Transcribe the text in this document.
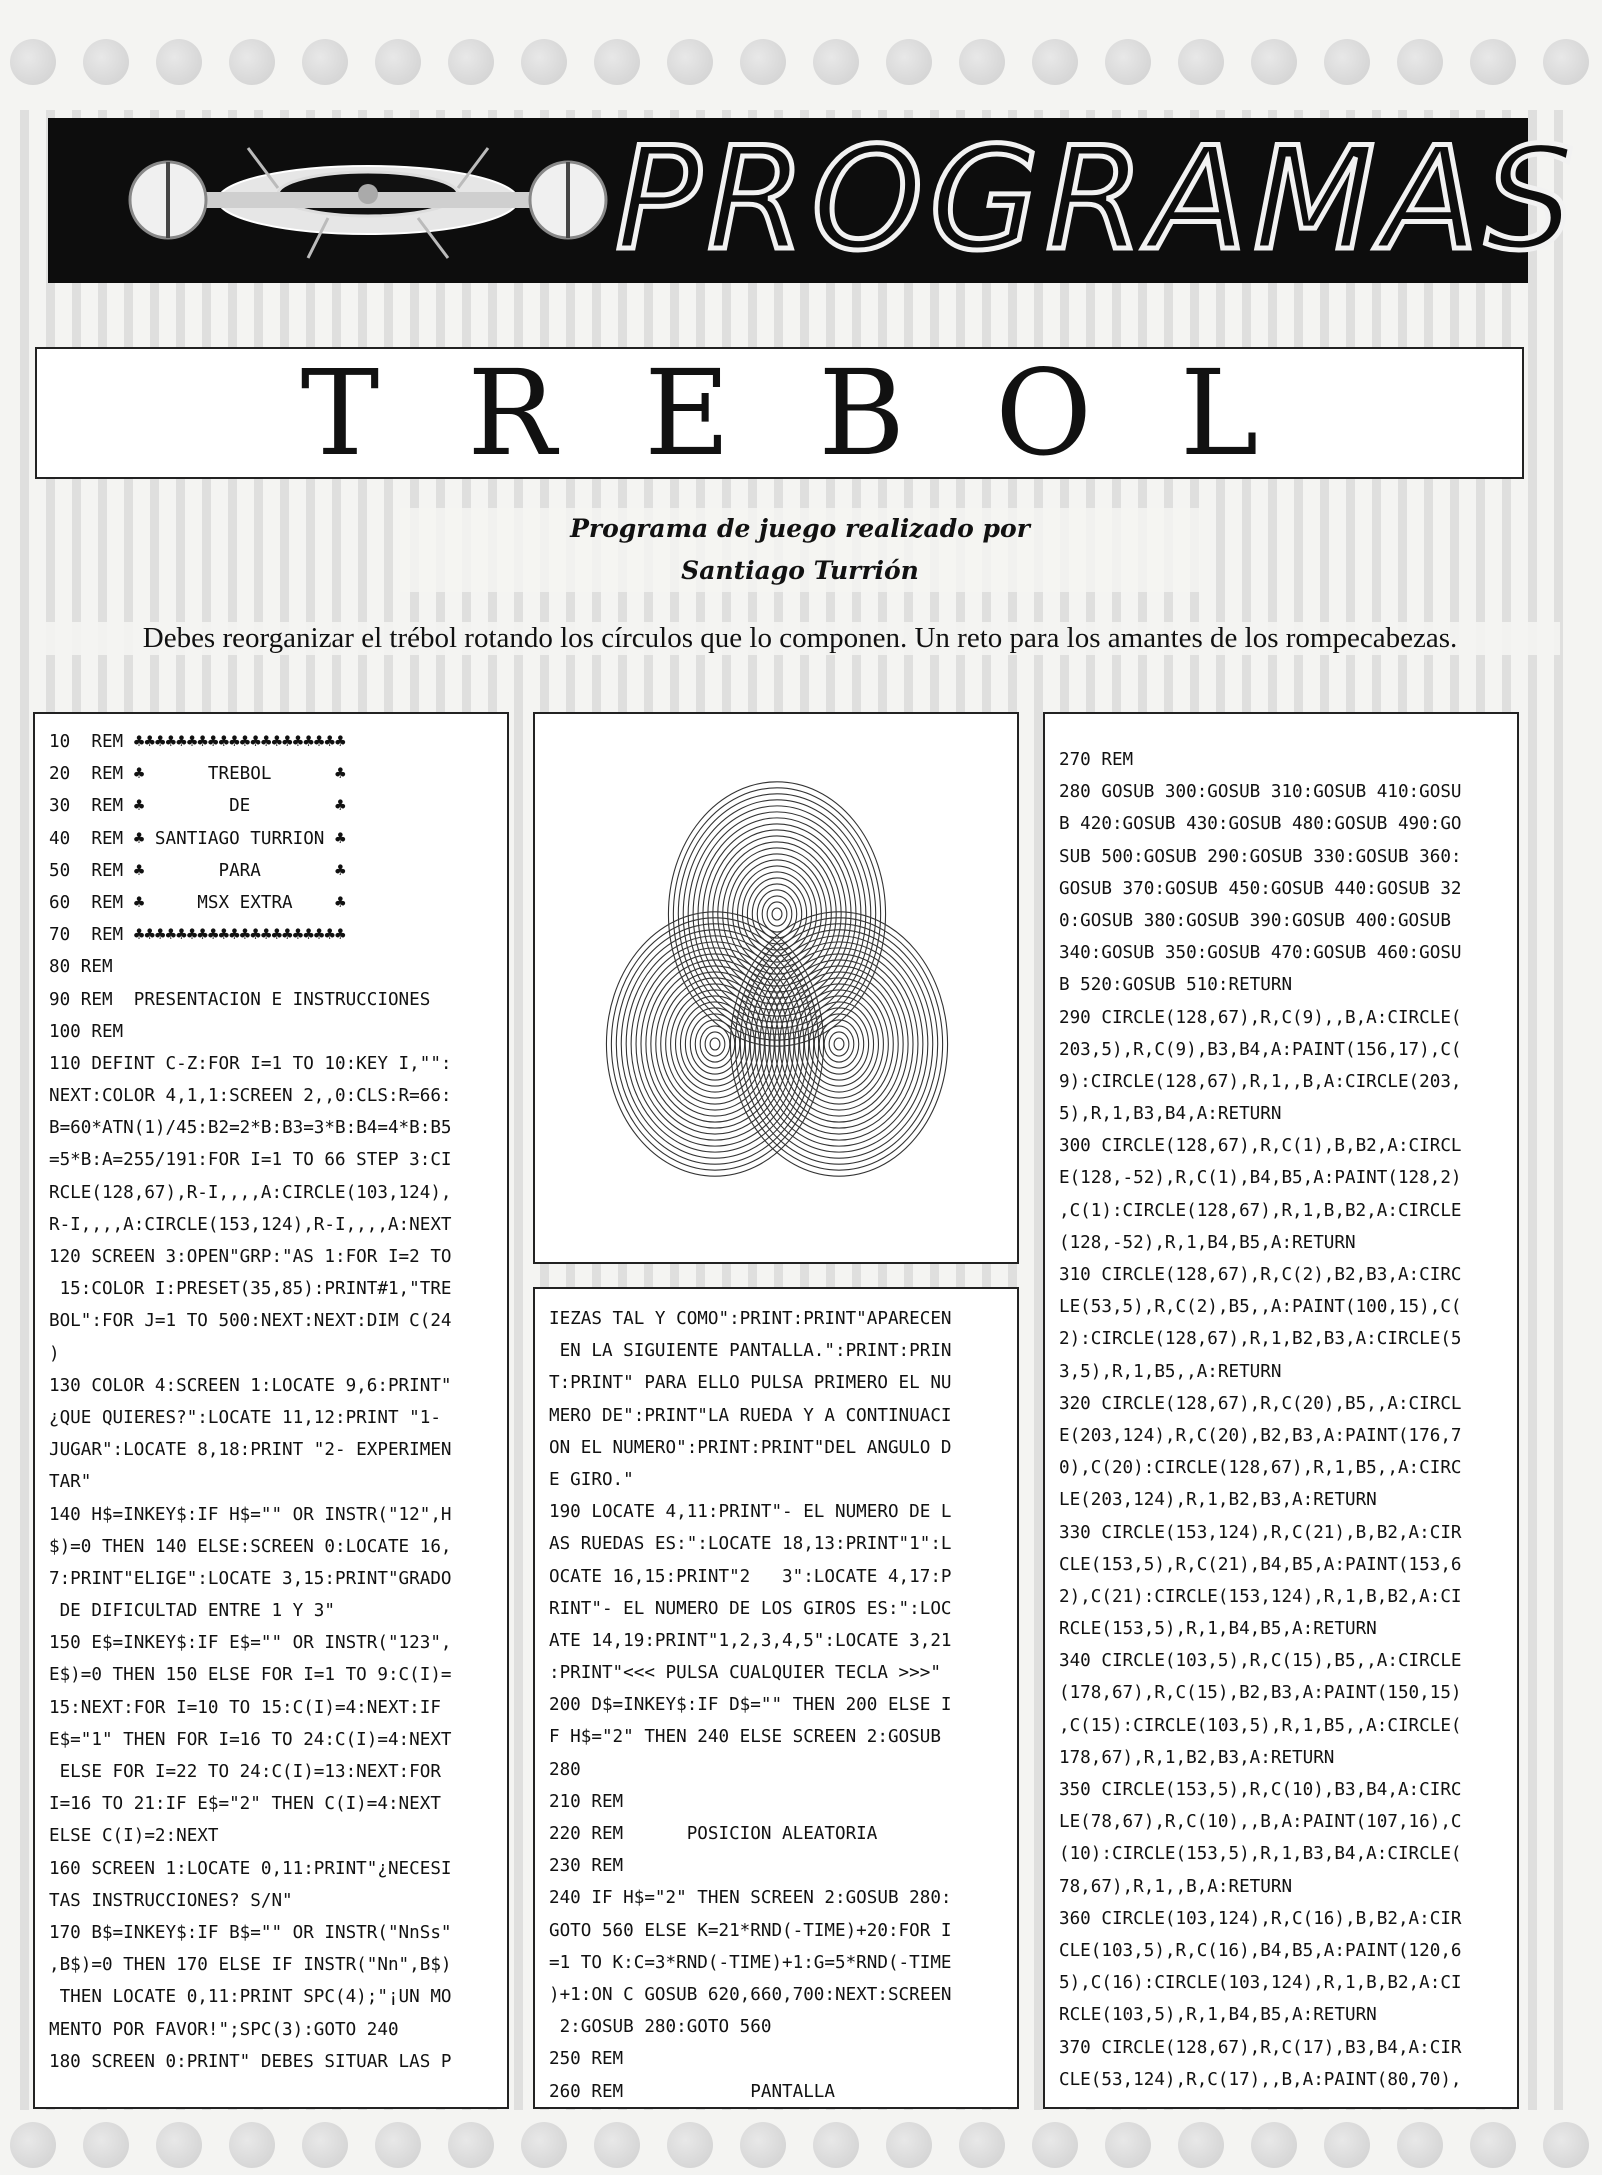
PROGRAMAS
TREBOL
Programa de juego realizado por
Santiago Turrión
Debes reorganizar el trébol rotando los círculos que lo componen. Un reto para los amantes de los rompecabezas.
10  REM ♣♣♣♣♣♣♣♣♣♣♣♣♣♣♣♣♣♣♣♣
20  REM ♣      TREBOL      ♣
30  REM ♣        DE        ♣
40  REM ♣ SANTIAGO TURRION ♣
50  REM ♣       PARA       ♣
60  REM ♣     MSX EXTRA    ♣
70  REM ♣♣♣♣♣♣♣♣♣♣♣♣♣♣♣♣♣♣♣♣
80 REM
90 REM  PRESENTACION E INSTRUCCIONES
100 REM
110 DEFINT C-Z:FOR I=1 TO 10:KEY I,"":
NEXT:COLOR 4,1,1:SCREEN 2,,0:CLS:R=66:
B=60*ATN(1)/45:B2=2*B:B3=3*B:B4=4*B:B5
=5*B:A=255/191:FOR I=1 TO 66 STEP 3:CI
RCLE(128,67),R-I,,,,A:CIRCLE(103,124),
R-I,,,,A:CIRCLE(153,124),R-I,,,,A:NEXT
120 SCREEN 3:OPEN"GRP:"AS 1:FOR I=2 TO
15:COLOR I:PRESET(35,85):PRINT#1,"TRE
BOL":FOR J=1 TO 500:NEXT:NEXT:DIM C(24
)
130 COLOR 4:SCREEN 1:LOCATE 9,6:PRINT"
¿QUE QUIERES?":LOCATE 11,12:PRINT "1-
JUGAR":LOCATE 8,18:PRINT "2- EXPERIMEN
TAR"
140 H$=INKEY$:IF H$="" OR INSTR("12",H
$)=0 THEN 140 ELSE:SCREEN 0:LOCATE 16,
7:PRINT"ELIGE":LOCATE 3,15:PRINT"GRADO
DE DIFICULTAD ENTRE 1 Y 3"
150 E$=INKEY$:IF E$="" OR INSTR("123",
E$)=0 THEN 150 ELSE FOR I=1 TO 9:C(I)=
15:NEXT:FOR I=10 TO 15:C(I)=4:NEXT:IF
E$="1" THEN FOR I=16 TO 24:C(I)=4:NEXT
ELSE FOR I=22 TO 24:C(I)=13:NEXT:FOR
I=16 TO 21:IF E$="2" THEN C(I)=4:NEXT
ELSE C(I)=2:NEXT
160 SCREEN 1:LOCATE 0,11:PRINT"¿NECESI
TAS INSTRUCCIONES? S/N"
170 B$=INKEY$:IF B$="" OR INSTR("NnSs"
,B$)=0 THEN 170 ELSE IF INSTR("Nn",B$)
THEN LOCATE 0,11:PRINT SPC(4);"¡UN MO
MENTO POR FAVOR!";SPC(3):GOTO 240
180 SCREEN 0:PRINT" DEBES SITUAR LAS P
IEZAS TAL Y COMO":PRINT:PRINT"APARECEN
EN LA SIGUIENTE PANTALLA.":PRINT:PRIN
T:PRINT" PARA ELLO PULSA PRIMERO EL NU
MERO DE":PRINT"LA RUEDA Y A CONTINUACI
ON EL NUMERO":PRINT:PRINT"DEL ANGULO D
E GIRO."
190 LOCATE 4,11:PRINT"- EL NUMERO DE L
AS RUEDAS ES:":LOCATE 18,13:PRINT"1":L
OCATE 16,15:PRINT"2   3":LOCATE 4,17:P
RINT"- EL NUMERO DE LOS GIROS ES:":LOC
ATE 14,19:PRINT"1,2,3,4,5":LOCATE 3,21
:PRINT"<<< PULSA CUALQUIER TECLA >>>"
200 D$=INKEY$:IF D$="" THEN 200 ELSE I
F H$="2" THEN 240 ELSE SCREEN 2:GOSUB
280
210 REM
220 REM      POSICION ALEATORIA
230 REM
240 IF H$="2" THEN SCREEN 2:GOSUB 280:
GOTO 560 ELSE K=21*RND(-TIME)+20:FOR I
=1 TO K:C=3*RND(-TIME)+1:G=5*RND(-TIME
)+1:ON C GOSUB 620,660,700:NEXT:SCREEN
2:GOSUB 280:GOTO 560
250 REM
260 REM            PANTALLA
270 REM
280 GOSUB 300:GOSUB 310:GOSUB 410:GOSU
B 420:GOSUB 430:GOSUB 480:GOSUB 490:GO
SUB 500:GOSUB 290:GOSUB 330:GOSUB 360:
GOSUB 370:GOSUB 450:GOSUB 440:GOSUB 32
0:GOSUB 380:GOSUB 390:GOSUB 400:GOSUB
340:GOSUB 350:GOSUB 470:GOSUB 460:GOSU
B 520:GOSUB 510:RETURN
290 CIRCLE(128,67),R,C(9),,B,A:CIRCLE(
203,5),R,C(9),B3,B4,A:PAINT(156,17),C(
9):CIRCLE(128,67),R,1,,B,A:CIRCLE(203,
5),R,1,B3,B4,A:RETURN
300 CIRCLE(128,67),R,C(1),B,B2,A:CIRCL
E(128,-52),R,C(1),B4,B5,A:PAINT(128,2)
,C(1):CIRCLE(128,67),R,1,B,B2,A:CIRCLE
(128,-52),R,1,B4,B5,A:RETURN
310 CIRCLE(128,67),R,C(2),B2,B3,A:CIRC
LE(53,5),R,C(2),B5,,A:PAINT(100,15),C(
2):CIRCLE(128,67),R,1,B2,B3,A:CIRCLE(5
3,5),R,1,B5,,A:RETURN
320 CIRCLE(128,67),R,C(20),B5,,A:CIRCL
E(203,124),R,C(20),B2,B3,A:PAINT(176,7
0),C(20):CIRCLE(128,67),R,1,B5,,A:CIRC
LE(203,124),R,1,B2,B3,A:RETURN
330 CIRCLE(153,124),R,C(21),B,B2,A:CIR
CLE(153,5),R,C(21),B4,B5,A:PAINT(153,6
2),C(21):CIRCLE(153,124),R,1,B,B2,A:CI
RCLE(153,5),R,1,B4,B5,A:RETURN
340 CIRCLE(103,5),R,C(15),B5,,A:CIRCLE
(178,67),R,C(15),B2,B3,A:PAINT(150,15)
,C(15):CIRCLE(103,5),R,1,B5,,A:CIRCLE(
178,67),R,1,B2,B3,A:RETURN
350 CIRCLE(153,5),R,C(10),B3,B4,A:CIRC
LE(78,67),R,C(10),,B,A:PAINT(107,16),C
(10):CIRCLE(153,5),R,1,B3,B4,A:CIRCLE(
78,67),R,1,,B,A:RETURN
360 CIRCLE(103,124),R,C(16),B,B2,A:CIR
CLE(103,5),R,C(16),B4,B5,A:PAINT(120,6
5),C(16):CIRCLE(103,124),R,1,B,B2,A:CI
RCLE(103,5),R,1,B4,B5,A:RETURN
370 CIRCLE(128,67),R,C(17),B3,B4,A:CIR
CLE(53,124),R,C(17),,B,A:PAINT(80,70),
